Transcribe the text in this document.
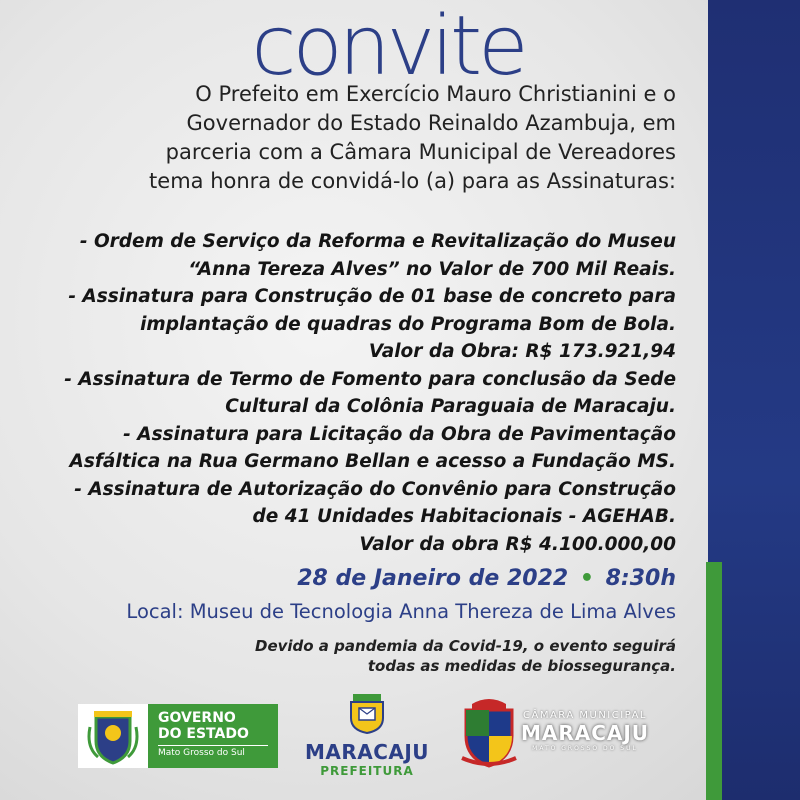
convite
O Prefeito em Exercício Mauro Christianini e o
Governador do Estado Reinaldo Azambuja, em
parceria com a Câmara Municipal de Vereadores
tema honra de convidá-lo (a) para as Assinaturas:
- Ordem de Serviço da Reforma e Revitalização do Museu
“Anna Tereza Alves” no Valor de 700 Mil Reais.
- Assinatura para Construção de 01 base de concreto para
implantação de quadras do Programa Bom de Bola.
Valor da Obra: R$ 173.921,94
- Assinatura de Termo de Fomento para conclusão da Sede
Cultural da Colônia Paraguaia de Maracaju.
- Assinatura para Licitação da Obra de Pavimentação
Asfáltica na Rua Germano Bellan e acesso a Fundação MS.
- Assinatura de Autorização do Convênio para Construção
de 41 Unidades Habitacionais - AGEHAB.
Valor da obra R$ 4.100.000,00
28 de Janeiro de 2022 • 8:30h
Local: Museu de Tecnologia Anna Thereza de Lima Alves
Devido a pandemia da Covid-19, o evento seguirá
todas as medidas de biossegurança.
GOVERNO
DO ESTADO
Mato Grosso do Sul	MARACAJU
PREFEITURA
CÂMARA MUNICIPAL
MARACAJU
MATO GROSSO DO SUL
